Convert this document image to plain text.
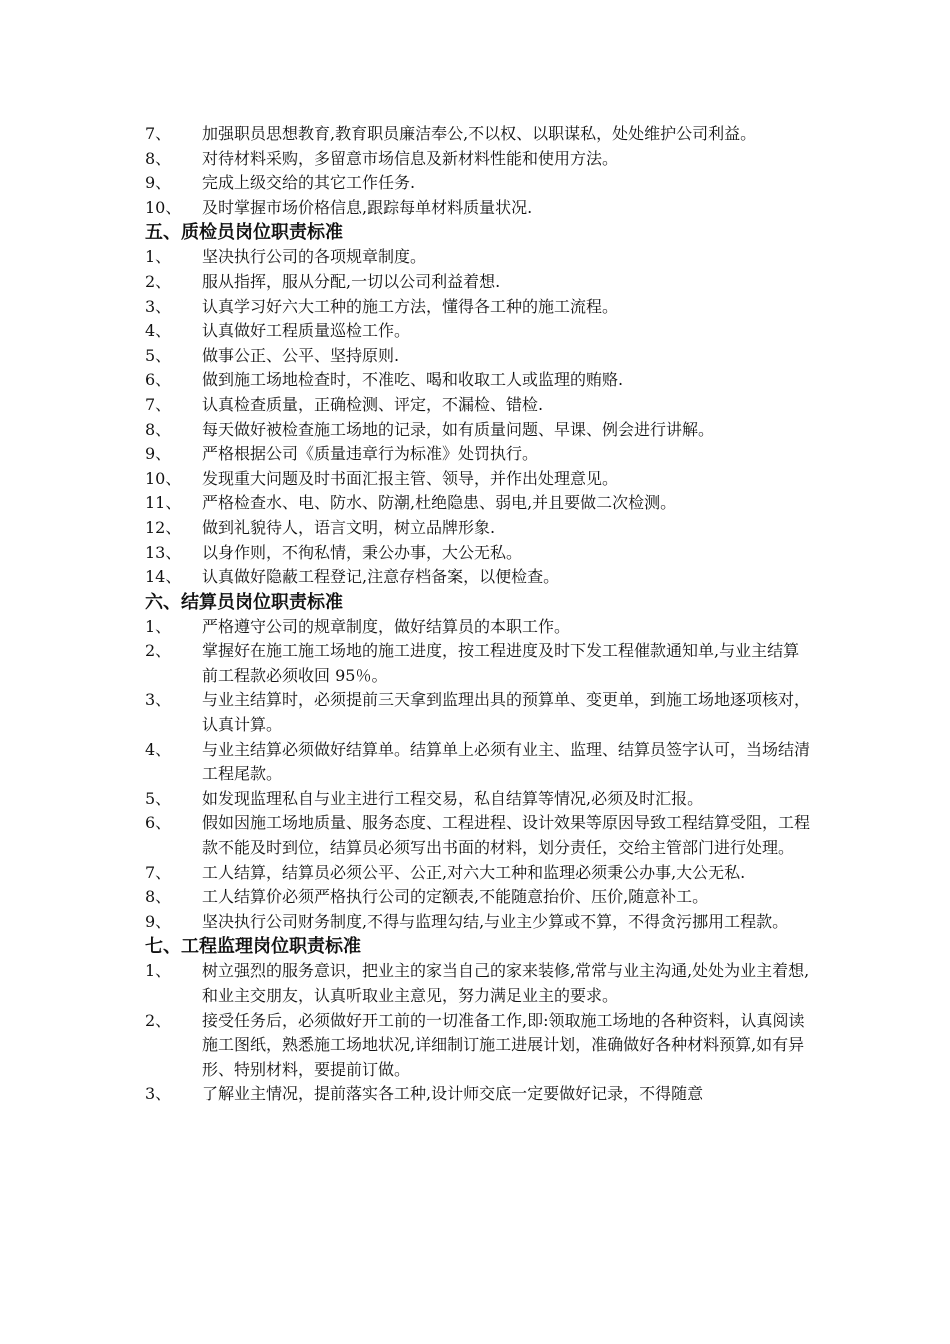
7、 加强职员思想教育,教育职员廉洁奉公,不以权、以职谋私，处处维护公司利益。
8、 对待材料采购，多留意市场信息及新材料性能和使用方法。
9、 完成上级交给的其它工作任务.
10、 及时掌握市场价格信息,跟踪每单材料质量状况.
五、质检员岗位职责标准
1、 坚决执行公司的各项规章制度。
2、 服从指挥，服从分配,一切以公司利益着想.
3、 认真学习好六大工种的施工方法，懂得各工种的施工流程。
4、 认真做好工程质量巡检工作。
5、 做事公正、公平、坚持原则.
6、 做到施工场地检查时，不准吃、喝和收取工人或监理的贿赂.
7、 认真检查质量，正确检测、评定，不漏检、错检.
8、 每天做好被检查施工场地的记录，如有质量问题、早课、例会进行讲解。
9、 严格根据公司《质量违章行为标准》处罚执行。
10、 发现重大问题及时书面汇报主管、领导，并作出处理意见。
11、 严格检查水、电、防水、防潮,杜绝隐患、弱电,并且要做二次检测。
12、 做到礼貌待人，语言文明，树立品牌形象.
13、 以身作则，不徇私情，秉公办事，大公无私。
14、 认真做好隐蔽工程登记,注意存档备案，以便检查。
六、结算员岗位职责标准
1、 严格遵守公司的规章制度，做好结算员的本职工作。
2、 掌握好在施工施工场地的施工进度，按工程进度及时下发工程催款通知单,与业主结算前工程款必须收回 95％。
3、 与业主结算时，必须提前三天拿到监理出具的预算单、变更单，到施工场地逐项核对，认真计算。
4、 与业主结算必须做好结算单。结算单上必须有业主、监理、结算员签字认可，当场结清工程尾款。
5、 如发现监理私自与业主进行工程交易，私自结算等情况,必须及时汇报。
6、 假如因施工场地质量、服务态度、工程进程、设计效果等原因导致工程结算受阻，工程款不能及时到位，结算员必须写出书面的材料，划分责任，交给主管部门进行处理。
7、 工人结算，结算员必须公平、公正,对六大工种和监理必须秉公办事,大公无私.
8、 工人结算价必须严格执行公司的定额表,不能随意抬价、压价,随意补工。
9、 坚决执行公司财务制度,不得与监理勾结,与业主少算或不算，不得贪污挪用工程款。
七、工程监理岗位职责标准
1、 树立强烈的服务意识，把业主的家当自己的家来装修,常常与业主沟通,处处为业主着想,和业主交朋友，认真听取业主意见，努力满足业主的要求。
2、 接受任务后，必须做好开工前的一切准备工作,即:领取施工场地的各种资料，认真阅读施工图纸，熟悉施工场地状况,详细制订施工进展计划，准确做好各种材料预算,如有异形、特别材料，要提前订做。
3、 了解业主情况，提前落实各工种,设计师交底一定要做好记录，不得随意
